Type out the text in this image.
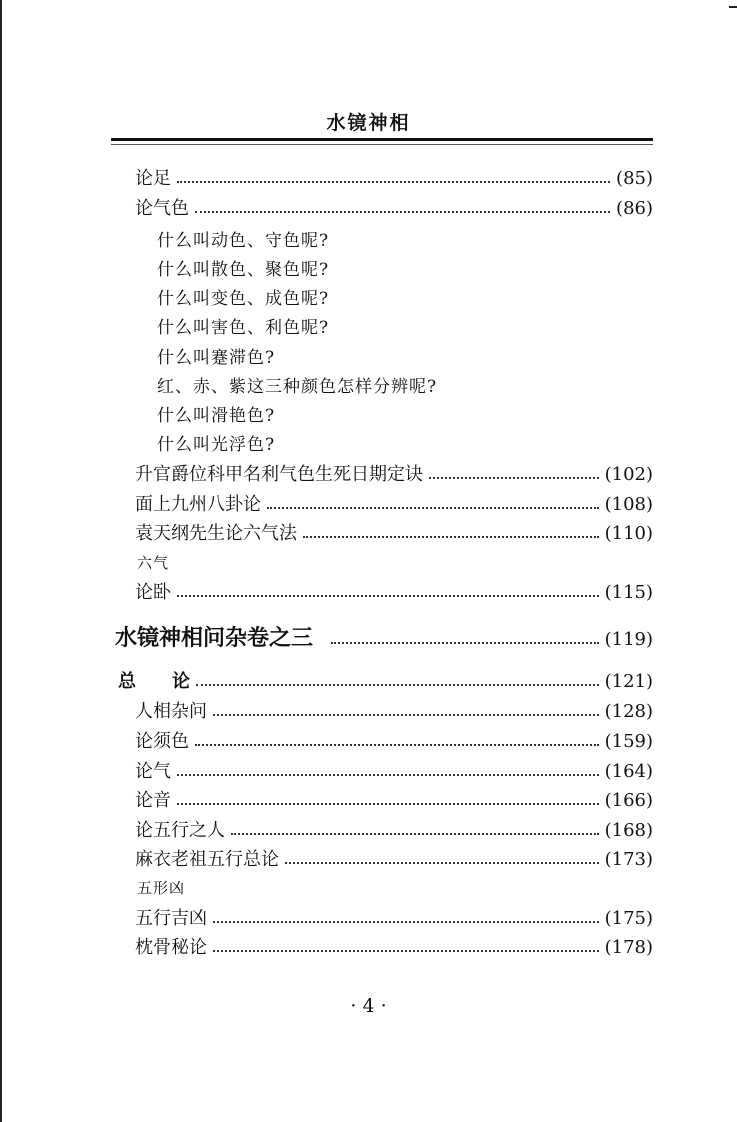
水镜神相
论足	(85)
论气色	(86)
什么叫动色、守色呢?
什么叫散色、聚色呢?
什么叫变色、成色呢?
什么叫害色、利色呢?
什么叫蹇滞色?
红、赤、紫这三种颜色怎样分辨呢?
什么叫滑艳色?
什么叫光浮色?
升官爵位科甲名利气色生死日期定诀	(102)
面上九州八卦论	(108)
袁天纲先生论六气法	(110)
六气
论卧	(115)
水镜神相问杂卷之三	(119)
总　　论	(121)
人相杂问	(128)
论须色	(159)
论气	(164)
论音	(166)
论五行之人	(168)
麻衣老祖五行总论	(173)
五形凶
五行吉凶	(175)
枕骨秘论	(178)
· 4 ·
